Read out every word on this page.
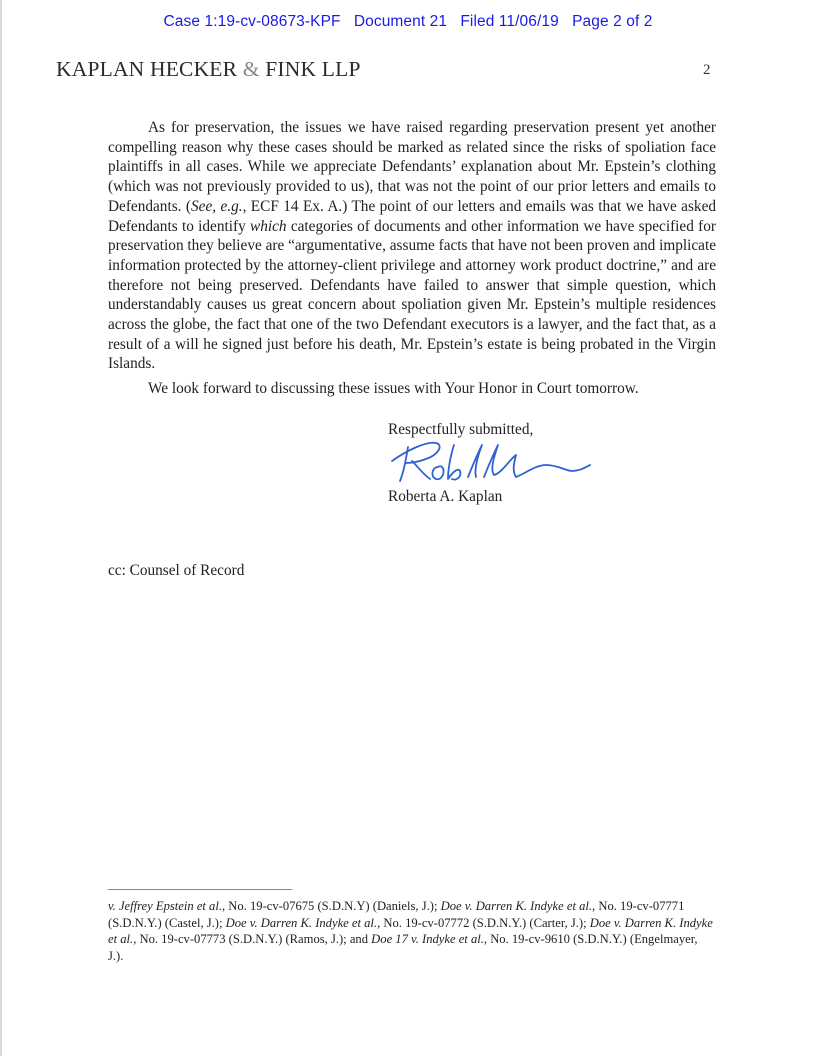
Case 1:19-cv-08673-KPF Document 21 Filed 11/06/19 Page 2 of 2
KAPLAN HECKER & FINK LLP	2

As for preservation, the issues we have raised regarding preservation present yet another compelling reason why these cases should be marked as related since the risks of spoliation face plaintiffs in all cases. While we appreciate Defendants’ explanation about Mr. Epstein’s clothing (which was not previously provided to us), that was not the point of our prior letters and emails to Defendants. (See, e.g., ECF 14 Ex. A.) The point of our letters and emails was that we have asked Defendants to identify which categories of documents and other information we have specified for preservation they believe are “argumentative, assume facts that have not been proven and implicate information protected by the attorney-client privilege and attorney work product doctrine,” and are therefore not being preserved. Defendants have failed to answer that simple question, which understandably causes us great concern about spoliation given Mr. Epstein’s multiple residences across the globe, the fact that one of the two Defendant executors is a lawyer, and the fact that, as a result of a will he signed just before his death, Mr. Epstein’s estate is being probated in the Virgin Islands.

We look forward to discussing these issues with Your Honor in Court tomorrow.

Respectfully submitted,
Roberta A. Kaplan
cc: Counsel of Record

v. Jeffrey Epstein et al., No. 19-cv-07675 (S.D.N.Y) (Daniels, J.); Doe v. Darren K. Indyke et al., No. 19-cv-07771 (S.D.N.Y.) (Castel, J.); Doe v. Darren K. Indyke et al., No. 19-cv-07772 (S.D.N.Y.) (Carter, J.); Doe v. Darren K. Indyke et al., No. 19-cv-07773 (S.D.N.Y.) (Ramos, J.); and Doe 17 v. Indyke et al., No. 19-cv-9610 (S.D.N.Y.) (Engelmayer, J.).
